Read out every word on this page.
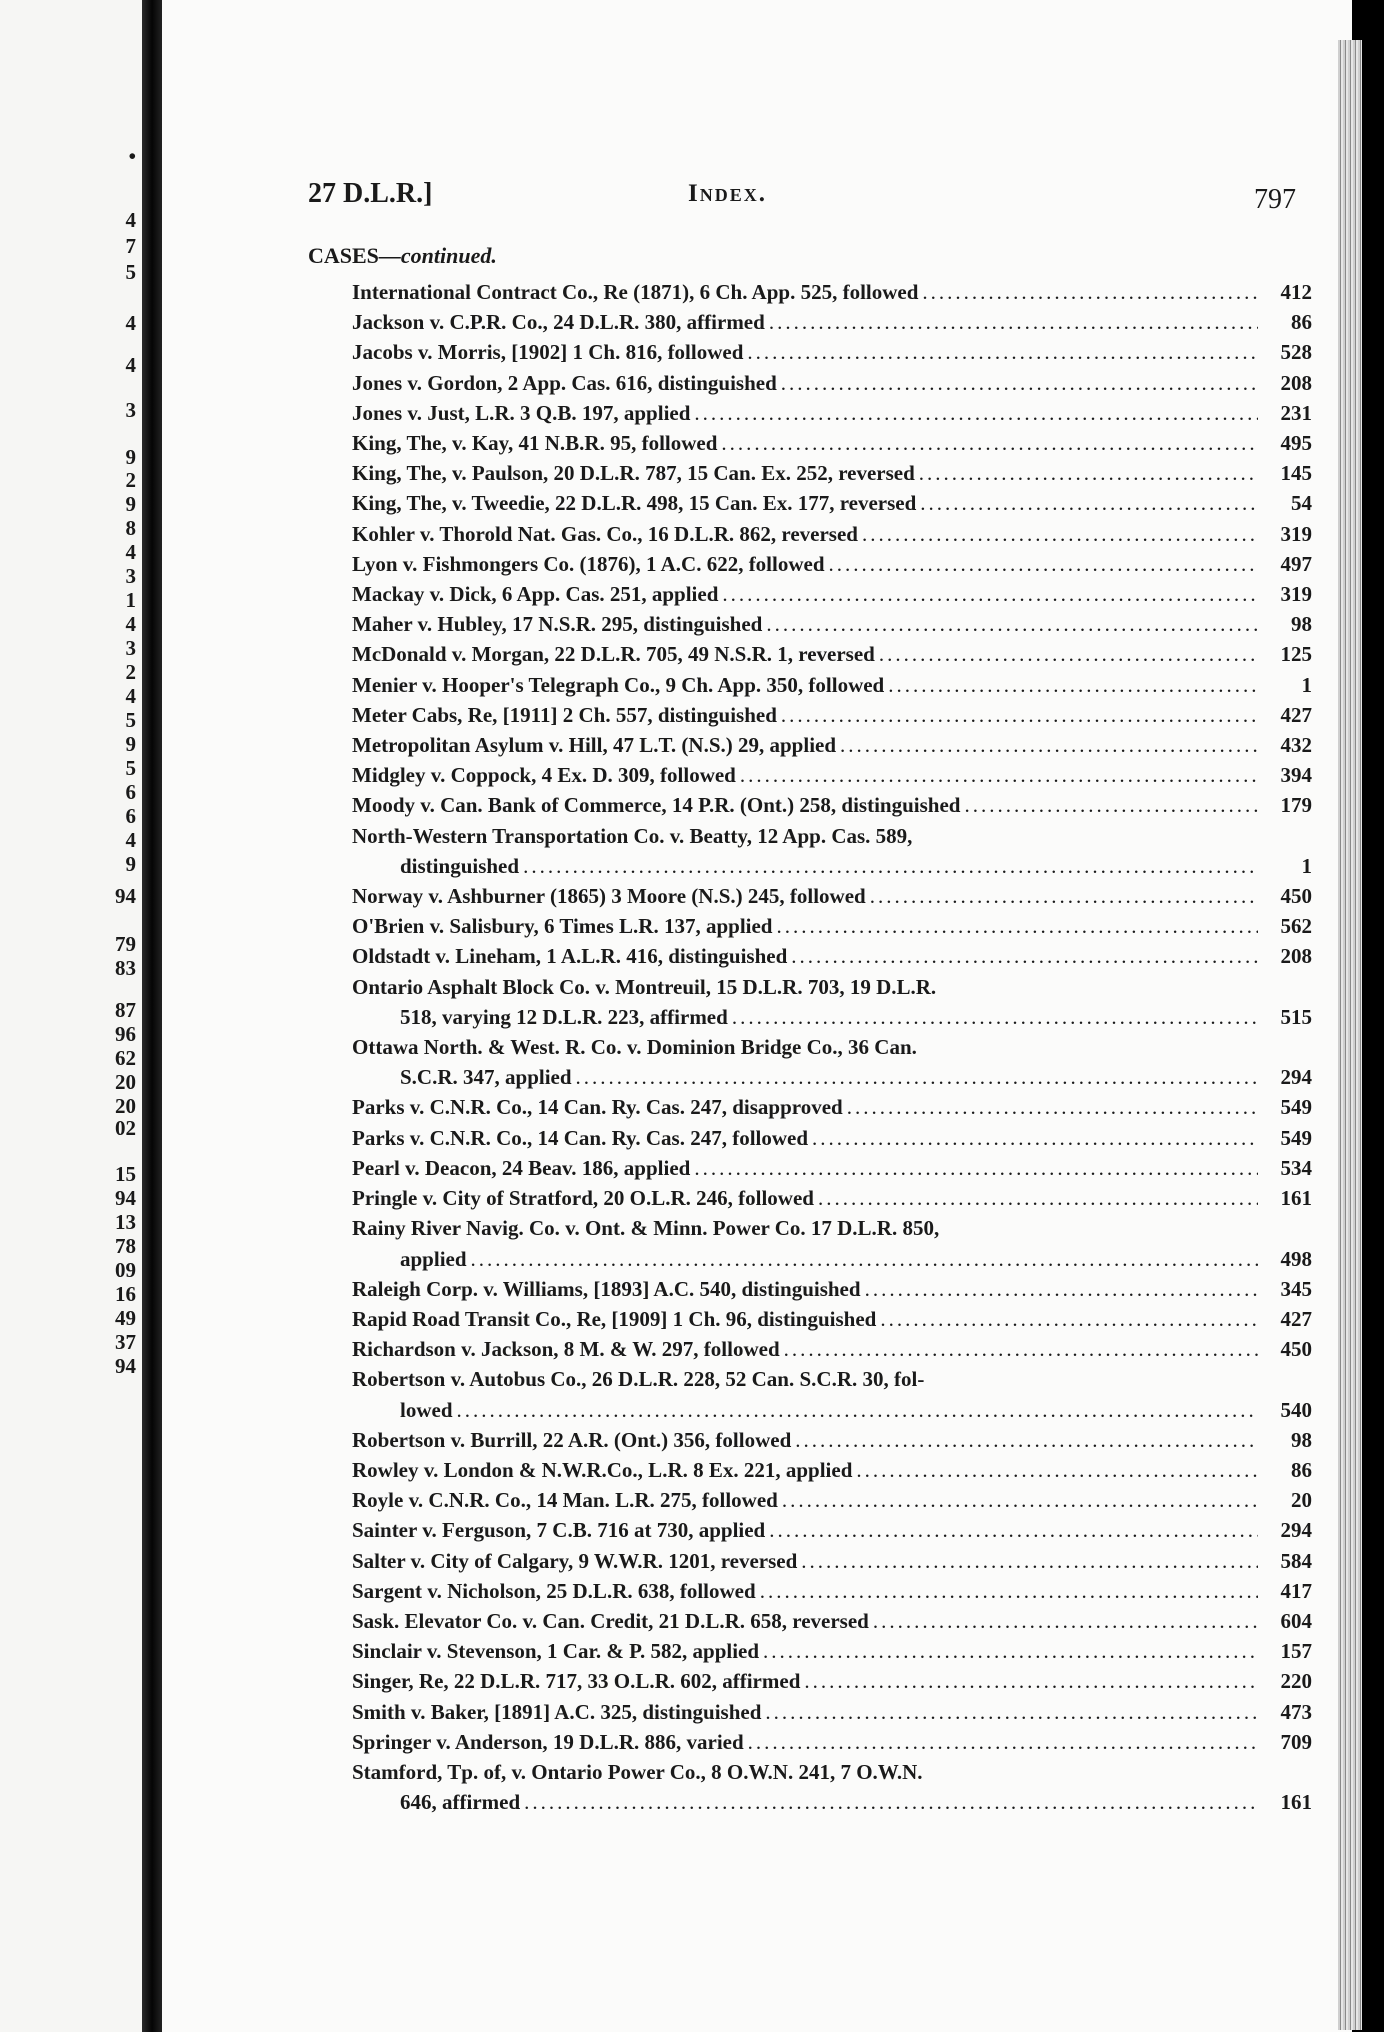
4
7
5
4
4
3
9
2
9
8
4
3
1
4
3
2
4
5
9
5
6
6
4
9
94
79
83
87
96
62
20
20
02
15
94
13
78
09
16
49
37
94
•
27 D.L.R.]	Index.	797
CASES—continued.
International Contract Co., Re (1871), 6 Ch. App. 525, followed .....	412
Jackson v. C.P.R. Co., 24 D.L.R. 380, affirmed .....	86
Jacobs v. Morris, [1902] 1 Ch. 816, followed .....	528
Jones v. Gordon, 2 App. Cas. 616, distinguished .....	208
Jones v. Just, L.R. 3 Q.B. 197, applied .....	231
King, The, v. Kay, 41 N.B.R. 95, followed .....	495
King, The, v. Paulson, 20 D.L.R. 787, 15 Can. Ex. 252, reversed .....	145
King, The, v. Tweedie, 22 D.L.R. 498, 15 Can. Ex. 177, reversed .....	54
Kohler v. Thorold Nat. Gas. Co., 16 D.L.R. 862, reversed .....	319
Lyon v. Fishmongers Co. (1876), 1 A.C. 622, followed .....	497
Mackay v. Dick, 6 App. Cas. 251, applied .....	319
Maher v. Hubley, 17 N.S.R. 295, distinguished .....	98
McDonald v. Morgan, 22 D.L.R. 705, 49 N.S.R. 1, reversed .....	125
Menier v. Hooper's Telegraph Co., 9 Ch. App. 350, followed .....	1
Meter Cabs, Re, [1911] 2 Ch. 557, distinguished .....	427
Metropolitan Asylum v. Hill, 47 L.T. (N.S.) 29, applied .....	432
Midgley v. Coppock, 4 Ex. D. 309, followed .....	394
Moody v. Can. Bank of Commerce, 14 P.R. (Ont.) 258, distinguished .....	179
North-Western Transportation Co. v. Beatty, 12 App. Cas. 589,
distinguished .....	1
Norway v. Ashburner (1865) 3 Moore (N.S.) 245, followed .....	450
O'Brien v. Salisbury, 6 Times L.R. 137, applied .....	562
Oldstadt v. Lineham, 1 A.L.R. 416, distinguished .....	208
Ontario Asphalt Block Co. v. Montreuil, 15 D.L.R. 703, 19 D.L.R.
518, varying 12 D.L.R. 223, affirmed .....	515
Ottawa North. & West. R. Co. v. Dominion Bridge Co., 36 Can.
S.C.R. 347, applied .....	294
Parks v. C.N.R. Co., 14 Can. Ry. Cas. 247, disapproved .....	549
Parks v. C.N.R. Co., 14 Can. Ry. Cas. 247, followed .....	549
Pearl v. Deacon, 24 Beav. 186, applied .....	534
Pringle v. City of Stratford, 20 O.L.R. 246, followed .....	161
Rainy River Navig. Co. v. Ont. & Minn. Power Co. 17 D.L.R. 850,
applied .....	498
Raleigh Corp. v. Williams, [1893] A.C. 540, distinguished .....	345
Rapid Road Transit Co., Re, [1909] 1 Ch. 96, distinguished .....	427
Richardson v. Jackson, 8 M. & W. 297, followed .....	450
Robertson v. Autobus Co., 26 D.L.R. 228, 52 Can. S.C.R. 30, fol-
lowed .....	540
Robertson v. Burrill, 22 A.R. (Ont.) 356, followed .....	98
Rowley v. London & N.W.R.Co., L.R. 8 Ex. 221, applied .....	86
Royle v. C.N.R. Co., 14 Man. L.R. 275, followed .....	20
Sainter v. Ferguson, 7 C.B. 716 at 730, applied .....	294
Salter v. City of Calgary, 9 W.W.R. 1201, reversed .....	584
Sargent v. Nicholson, 25 D.L.R. 638, followed .....	417
Sask. Elevator Co. v. Can. Credit, 21 D.L.R. 658, reversed .....	604
Sinclair v. Stevenson, 1 Car. & P. 582, applied .....	157
Singer, Re, 22 D.L.R. 717, 33 O.L.R. 602, affirmed .....	220
Smith v. Baker, [1891] A.C. 325, distinguished .....	473
Springer v. Anderson, 19 D.L.R. 886, varied .....	709
Stamford, Tp. of, v. Ontario Power Co., 8 O.W.N. 241, 7 O.W.N.
646, affirmed .....	161
